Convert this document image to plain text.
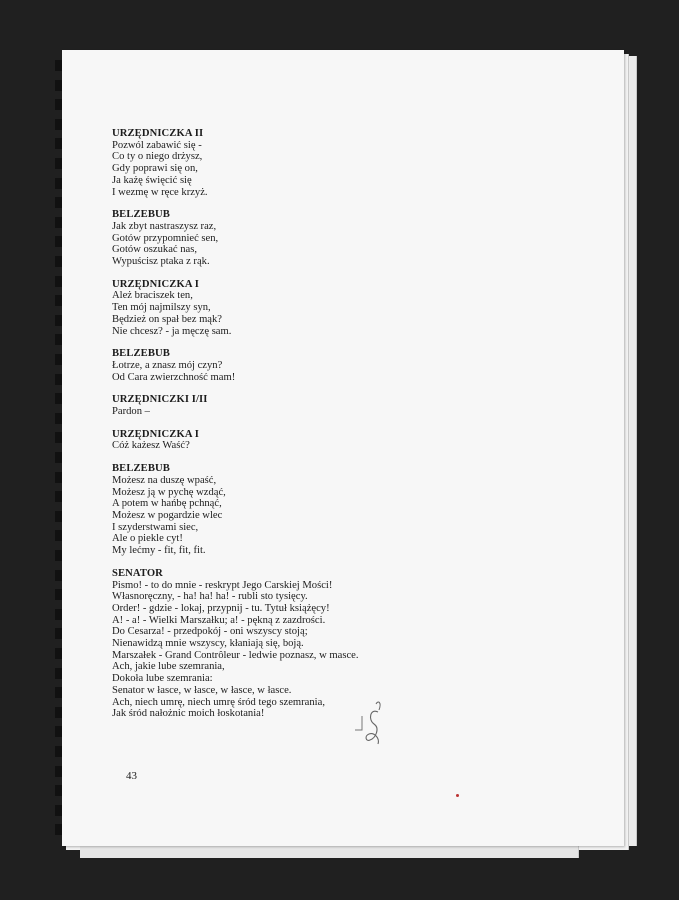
URZĘDNICZKA II
Pozwól zabawić się -
Co ty o niego drżysz,
Gdy poprawi się on,
Ja każę święcić się
I wezmę w ręce krzyż.
BELZEBUB
Jak zbyt nastraszysz raz,
Gotów przypomnieć sen,
Gotów oszukać nas,
Wypuścisz ptaka z rąk.
URZĘDNICZKA I
Ależ braciszek ten,
Ten mój najmilszy syn,
Będzież on spał bez mąk?
Nie chcesz? - ja męczę sam.
BELZEBUB
Łotrze, a znasz mój czyn?
Od Cara zwierzchność mam!
URZĘDNICZKI I/II
Pardon –
URZĘDNICZKA I
Cóż każesz Waść?
BELZEBUB
Możesz na duszę wpaść,
Możesz ją w pychę wzdąć,
A potem w hańbę pchnąć,
Możesz w pogardzie wlec
I szyderstwami siec,
Ale o piekle cyt!
My lećmy - fit, fit, fit.
SENATOR
Pismo! - to do mnie - reskrypt Jego Carskiej Mości!
Własnoręczny, - ha! ha! ha! - rubli sto tysięcy.
Order! - gdzie - lokaj, przypnij - tu. Tytuł książęcy!
A! - a! - Wielki Marszałku; a! - pękną z zazdrości.
Do Cesarza! - przedpokój - oni wszyscy stoją;
Nienawidzą mnie wszyscy, kłaniają się, boją.
Marszałek - Grand Contrôleur - ledwie poznasz, w masce.
Ach, jakie lube szemrania,
Dokoła lube szemrania:
Senator w łasce, w łasce, w łasce, w łasce.
Ach, niech umrę, niech umrę śród tego szemrania,
Jak śród nałożnic moich łoskotania!
43
